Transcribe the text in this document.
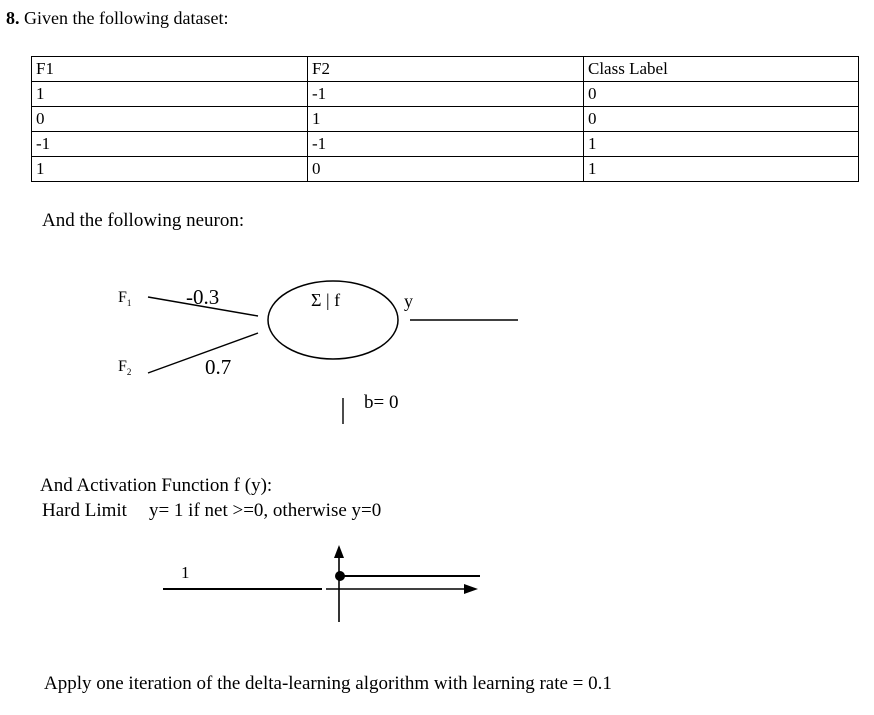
8. Given the following dataset:
F1	F2	Class Label
1	-1	0
0	1	0
-1	-1	1
1	0	1
And the following neuron:
$F_1$
$F_2$
-0.3
0.7
Σ | f	y
b= 0
And Activation Function f (y):
Hard Limit y= 1 if net >=0, otherwise y=0
1
Apply one iteration of the delta-learning algorithm with learning rate = 0.1
